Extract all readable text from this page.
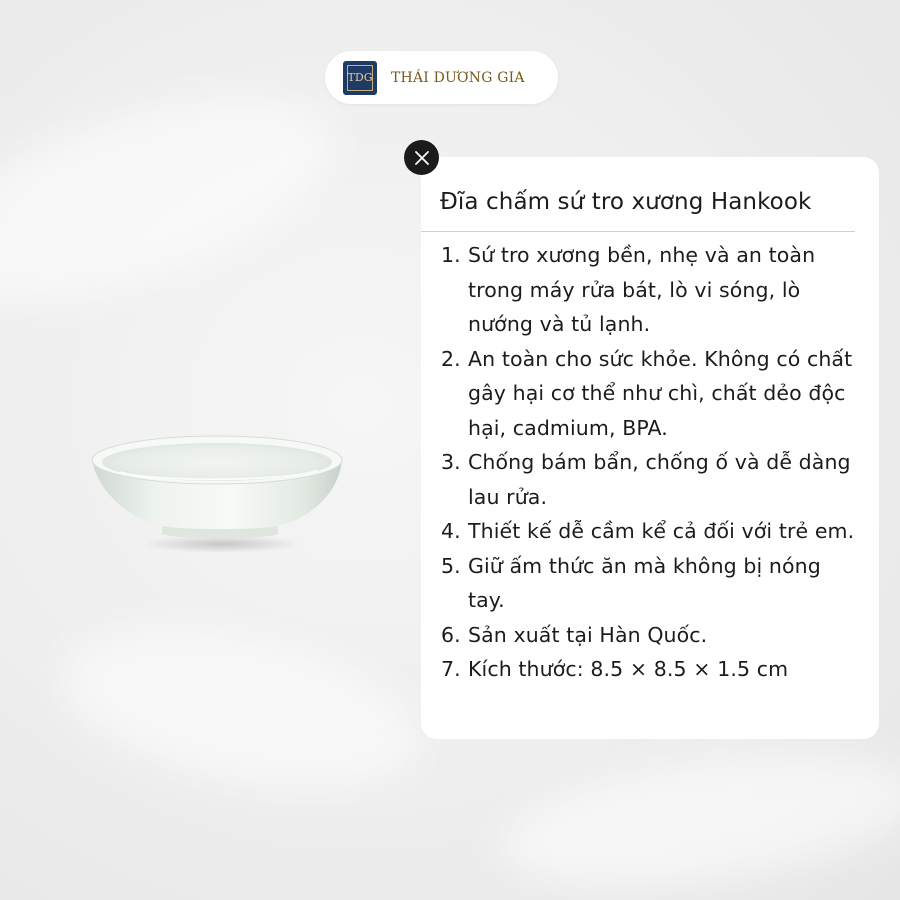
TDG THÁI DƯƠNG GIA
Đĩa chấm sứ tro xương Hankook
1. Sứ tro xương bền, nhẹ và an toàn trong máy rửa bát, lò vi sóng, lò nướng và tủ lạnh.
2. An toàn cho sức khỏe. Không có chất gây hại cơ thể như chì, chất dẻo độc hại, cadmium, BPA.
3. Chống bám bẩn, chống ố và dễ dàng lau rửa.
4. Thiết kế dễ cầm kể cả đối với trẻ em.
5. Giữ ấm thức ăn mà không bị nóng tay.
6. Sản xuất tại Hàn Quốc.
7. Kích thước: 8.5 × 8.5 × 1.5 cm
